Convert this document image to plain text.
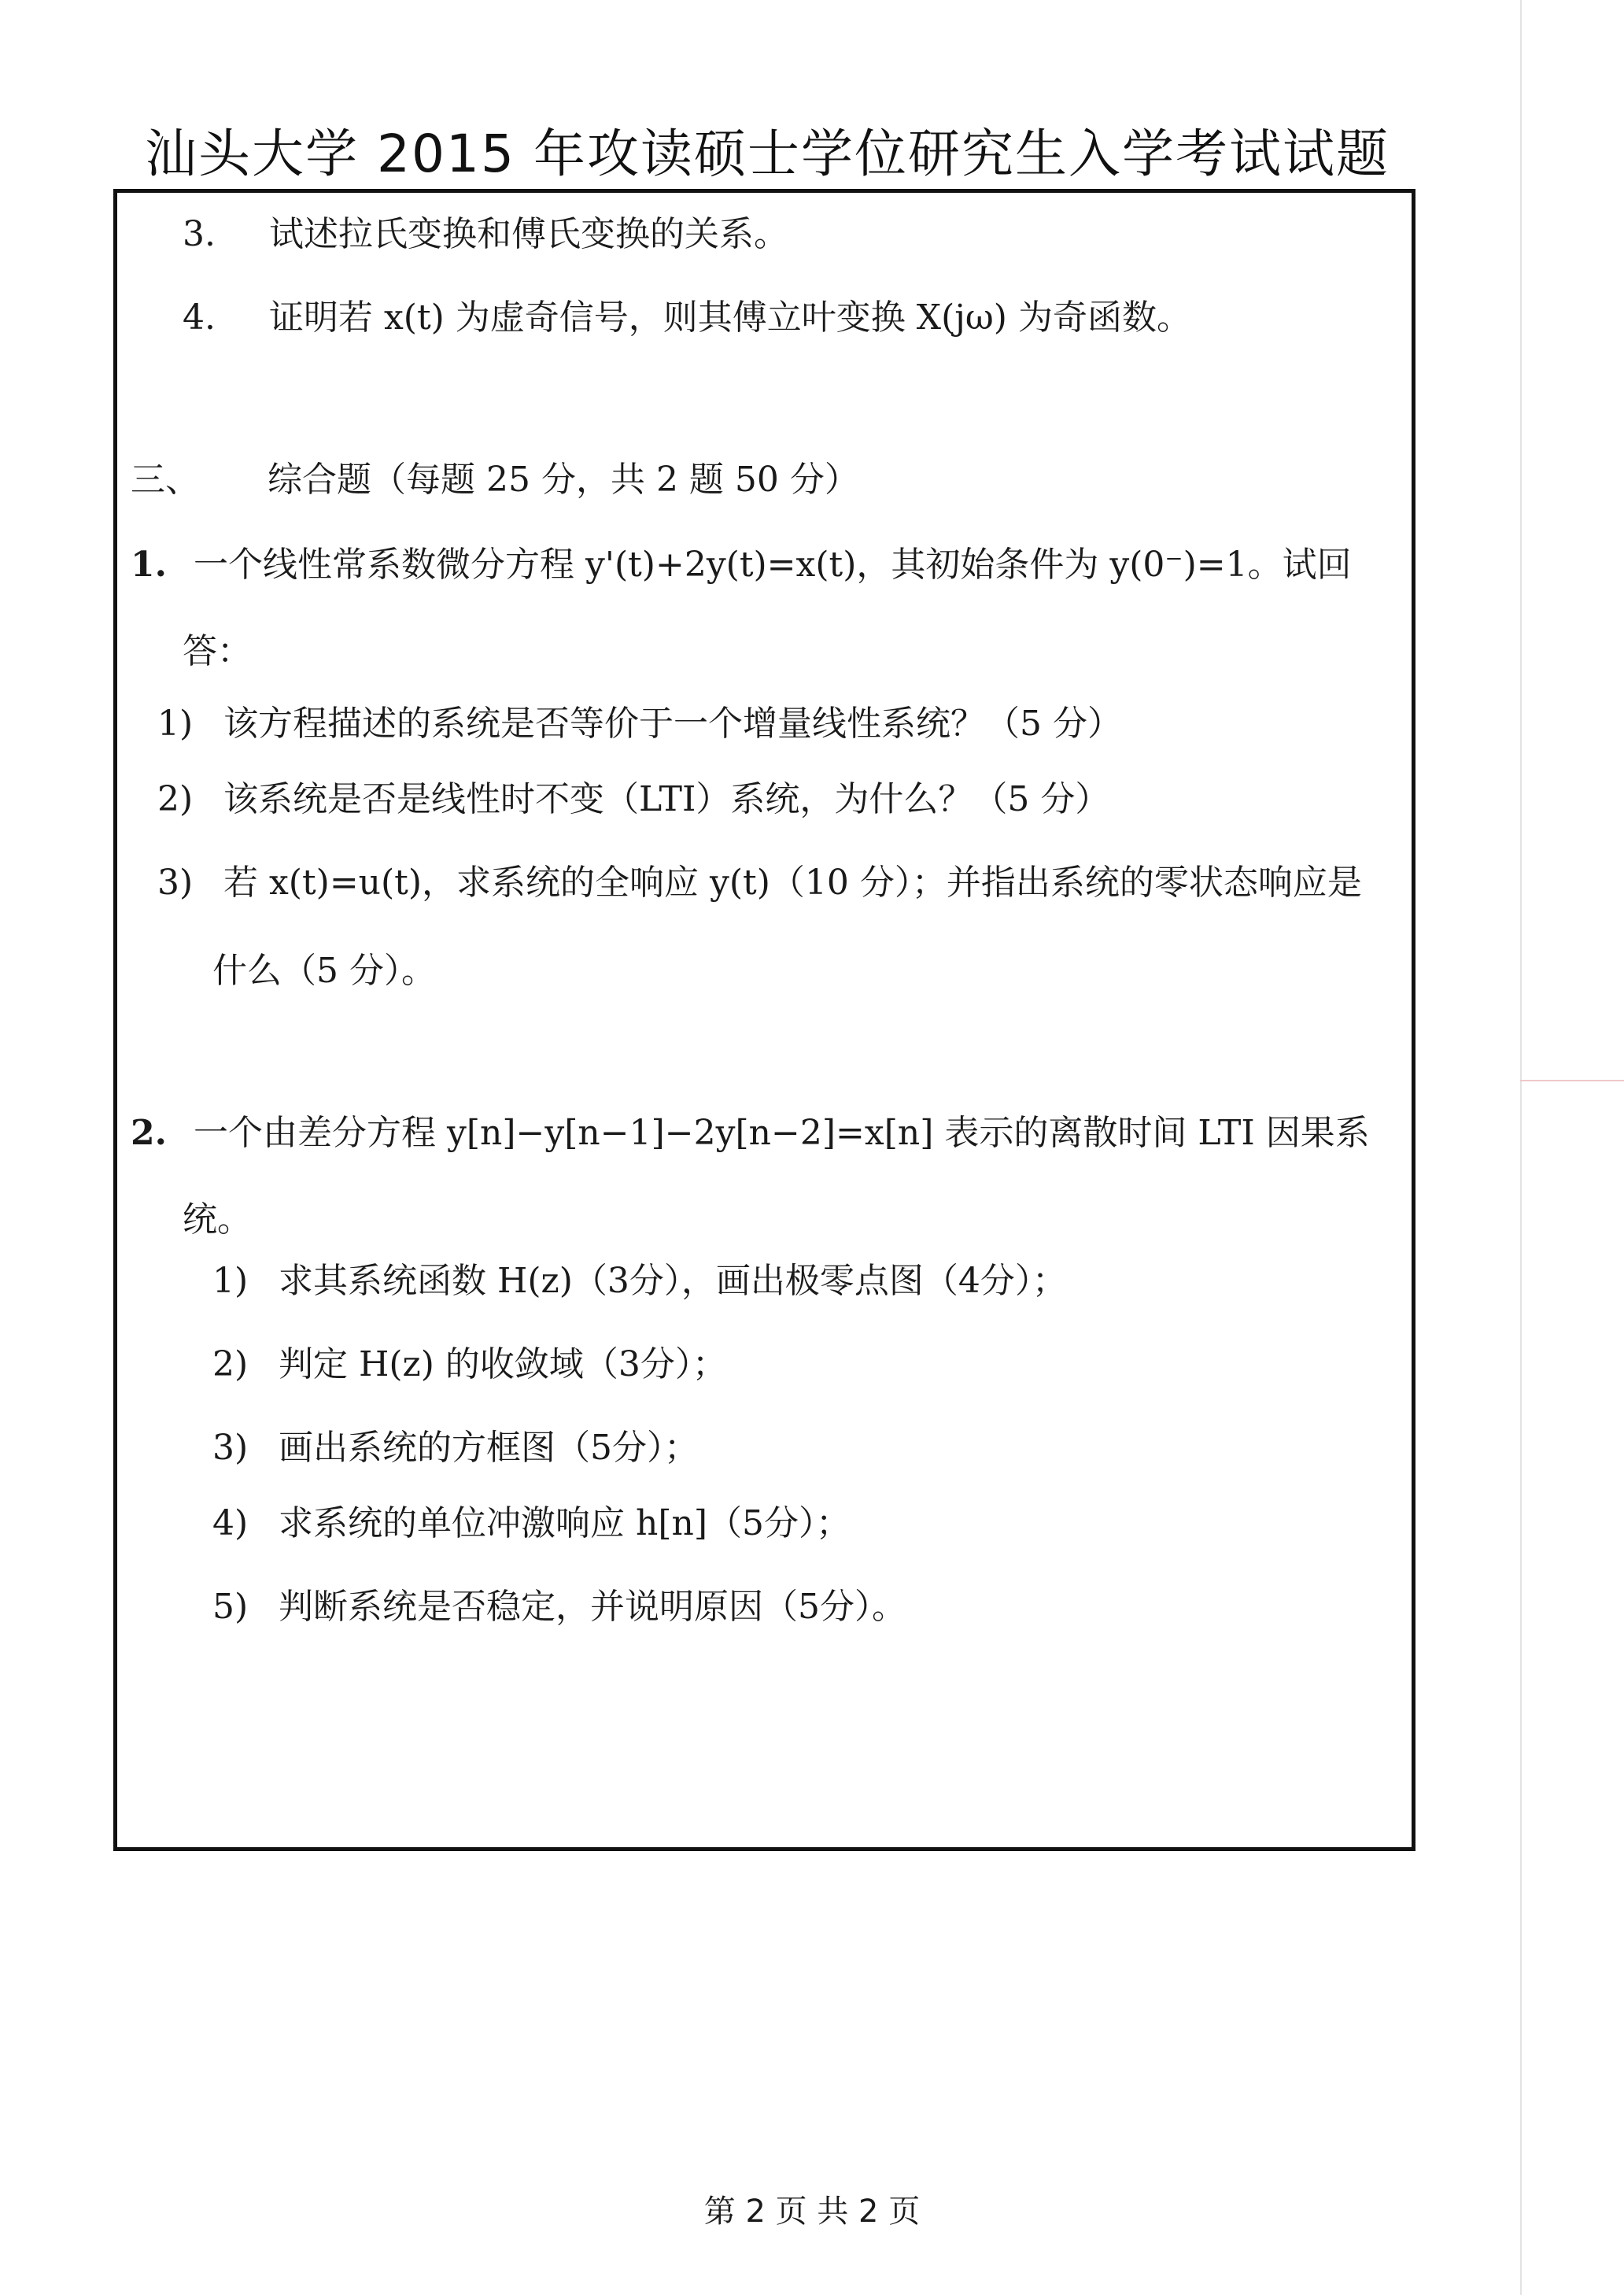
汕头大学 2015 年攻读硕士学位研究生入学考试试题
3. 试述拉氏变换和傅氏变换的关系。
4. 证明若 x(t) 为虚奇信号，则其傅立叶变换 X(jω) 为奇函数。
三、 综合题（每题 25 分，共 2 题 50 分）
1. 一个线性常系数微分方程 y'(t)+2y(t)=x(t)，其初始条件为 y(0⁻)=1。试回
答：
1) 该方程描述的系统是否等价于一个增量线性系统？（5 分）
2) 该系统是否是线性时不变（LTI）系统，为什么？（5 分）
3) 若 x(t)=u(t)，求系统的全响应 y(t)（10 分）；并指出系统的零状态响应是
什么（5 分）。
2. 一个由差分方程 y[n]−y[n−1]−2y[n−2]=x[n] 表示的离散时间 LTI 因果系
统。
1) 求其系统函数 H(z)（3分），画出极零点图（4分）；
2) 判定 H(z) 的收敛域（3分）；
3) 画出系统的方框图（5分）；
4) 求系统的单位冲激响应 h[n]（5分）；
5) 判断系统是否稳定，并说明原因（5分）。
第 2 页 共 2 页
